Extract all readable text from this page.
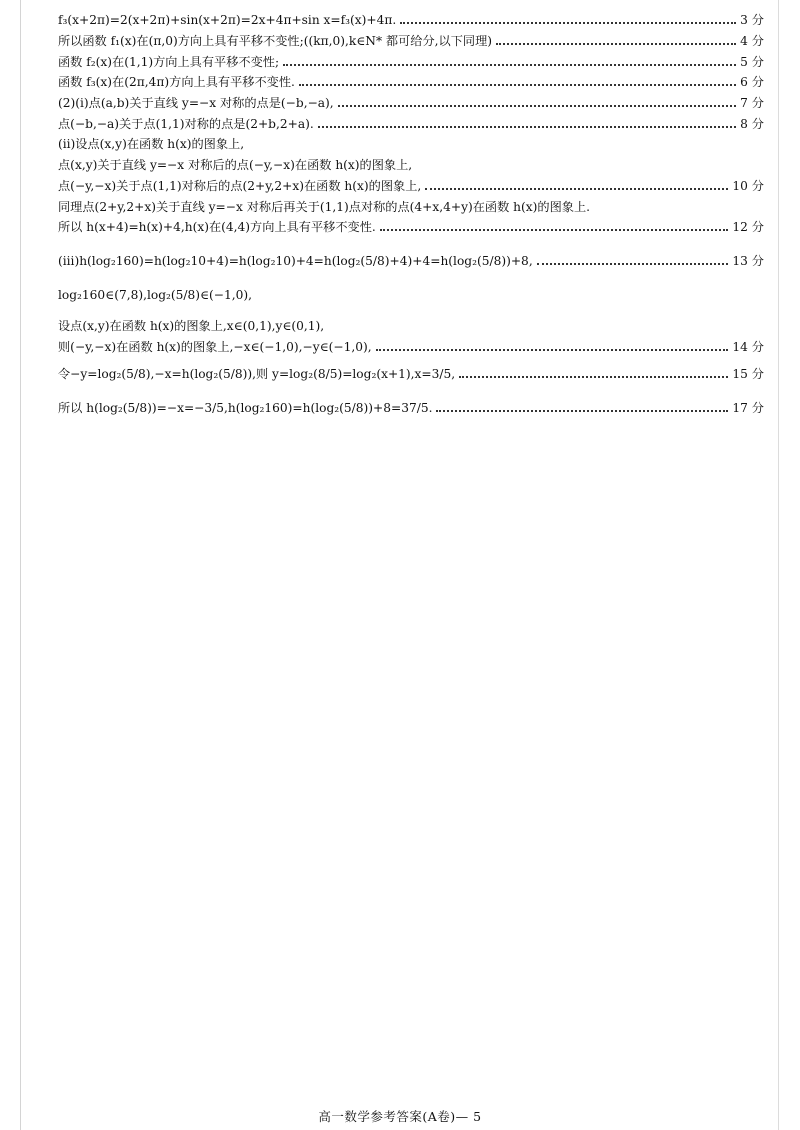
f₃(x+2π)=2(x+2π)+sin(x+2π)=2x+4π+sin x=f₃(x)+4π.	3 分
所以函数 f₁(x)在(π,0)方向上具有平移不变性;((kπ,0),k∈N* 都可给分,以下同理)	4 分
函数 f₂(x)在(1,1)方向上具有平移不变性;	5 分
函数 f₃(x)在(2π,4π)方向上具有平移不变性.	6 分
(2)(i)点(a,b)关于直线 y=−x 对称的点是(−b,−a),	7 分
点(−b,−a)关于点(1,1)对称的点是(2+b,2+a).	8 分
(ii)设点(x,y)在函数 h(x)的图象上,
点(x,y)关于直线 y=−x 对称后的点(−y,−x)在函数 h(x)的图象上,
点(−y,−x)关于点(1,1)对称后的点(2+y,2+x)在函数 h(x)的图象上,	10 分
同理点(2+y,2+x)关于直线 y=−x 对称后再关于(1,1)点对称的点(4+x,4+y)在函数 h(x)的图象上.
所以 h(x+4)=h(x)+4,h(x)在(4,4)方向上具有平移不变性.	12 分
(iii)h(log₂160)=h(log₂10+4)=h(log₂10)+4=h(log₂(5/8)+4)+4=h(log₂(5/8))+8,	13 分
log₂160∈(7,8),log₂(5/8)∈(−1,0),
设点(x,y)在函数 h(x)的图象上,x∈(0,1),y∈(0,1),
则(−y,−x)在函数 h(x)的图象上,−x∈(−1,0),−y∈(−1,0),	14 分
令−y=log₂(5/8),−x=h(log₂(5/8)),则 y=log₂(8/5)=log₂(x+1),x=3/5,	15 分
所以 h(log₂(5/8))=−x=−3/5,h(log₂160)=h(log₂(5/8))+8=37/5.	17 分
高一数学参考答案(A卷)— 5
